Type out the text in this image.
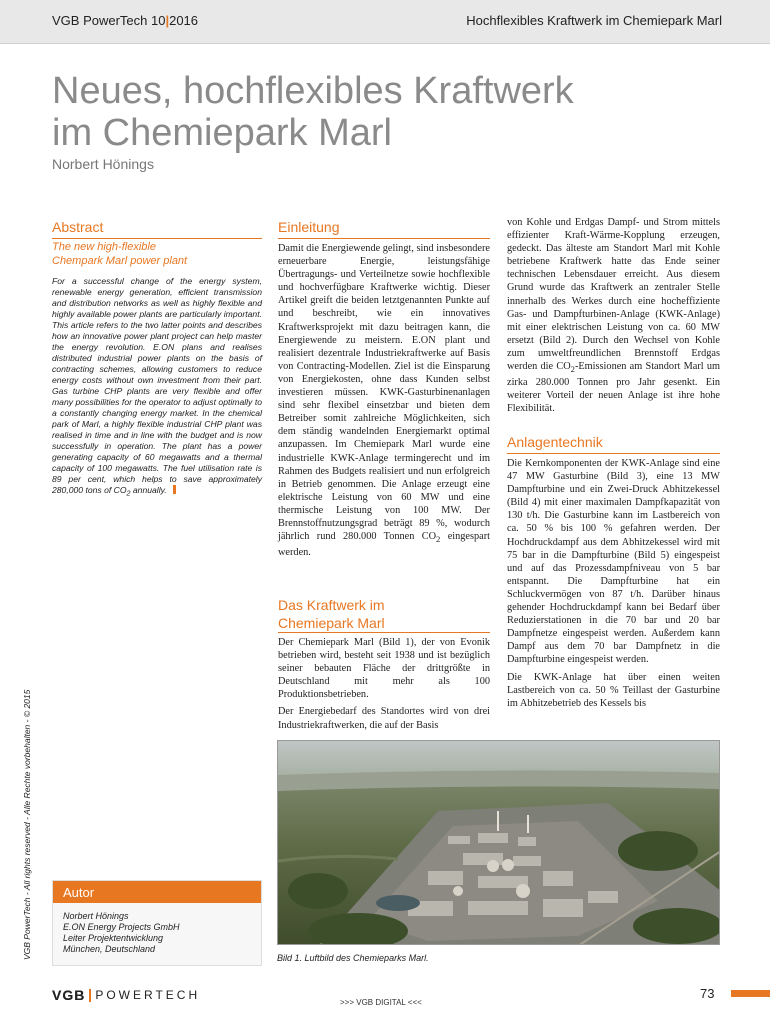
VGB PowerTech 10|2016	Hochflexibles Kraftwerk im Chemiepark Marl
Neues, hochflexibles Kraftwerk
im Chemiepark Marl
Norbert Hönings
Abstract
The new high-flexible
Chempark Marl power plant
For a successful change of the energy system, renewable energy generation, efficient transmission and distribution networks as well as highly flexible and highly available power plants are particularly important. This article refers to the two latter points and describes how an innovative power plant project can help master the energy revolution. E.ON plans and realises distributed industrial power plants on the basis of contracting schemes, allowing customers to reduce energy costs without own investment from their part. Gas turbine CHP plants are very flexible and offer many possibilities for the operator to adjust optimally to a constantly changing energy market. In the chemical park of Marl, a highly flexible industrial CHP plant was realised in time and in line with the budget and is now successfully in operation. The plant has a power generating capacity of 60 megawatts and a thermal capacity of 100 megawatts. The fuel utilisation rate is 89 per cent, which helps to save approximately 280,000 tons of $CO_2$ annually.
VGB PowerTech - All rights reserved - Alle Rechte vorbehalten - © 2015	Autor
Norbert Hönings
E.ON Energy Projects GmbH
Leiter Projektentwicklung
München, Deutschland
Einleitung

Damit die Energiewende gelingt, sind insbesondere erneuerbare Energie, leistungsfähige Übertragungs- und Verteilnetze sowie hochflexible und hochverfügbare Kraftwerke wichtig. Dieser Artikel greift die beiden letztgenannten Punkte auf und beschreibt, wie ein innovatives Kraftwerksprojekt mit dazu beitragen kann, die Energiewende zu meistern. E.ON plant und realisiert dezentrale Industriekraftwerke auf Basis von Contracting-Modellen. Ziel ist die Einsparung von Energiekosten, ohne dass Kunden selbst investieren müssen. KWK-Gasturbinenanlagen sind sehr flexibel einsetzbar und bieten dem Betreiber somit zahlreiche Möglichkeiten, sich dem ständig wandelnden Energiemarkt optimal anzupassen. Im Chemiepark Marl wurde eine industrielle KWK-Anlage termingerecht und im Rahmen des Budgets realisiert und nun erfolgreich in Betrieb genommen. Die Anlage erzeugt eine elektrische Leistung von 60 MW und eine thermische Leistung von 100 MW. Der Brennstoffnutzungsgrad beträgt 89 %, wodurch jährlich rund 280.000 Tonnen $CO_2$ eingespart werden.

Das Kraftwerk im
Chemiepark Marl

Der Chemiepark Marl (Bild 1), der von Evonik betrieben wird, besteht seit 1938 und ist bezüglich seiner bebauten Fläche der drittgrößte in Deutschland mit mehr als 100 Produktionsbetrieben.

Der Energiebedarf des Standortes wird von drei Industriekraftwerken, die auf der Basis

von Kohle und Erdgas Dampf- und Strom mittels effizienter Kraft-Wärme-Kopplung erzeugen, gedeckt. Das älteste am Standort Marl mit Kohle betriebene Kraftwerk hatte das Ende seiner technischen Lebensdauer erreicht. Aus diesem Grund wurde das Kraftwerk an zentraler Stelle innerhalb des Werkes durch eine hocheffiziente Gas- und Dampfturbinen-Anlage (KWK-Anlage) mit einer elektrischen Leistung von ca. 60 MW ersetzt (Bild 2). Durch den Wechsel von Kohle zum umweltfreundlichen Brennstoff Erdgas werden die $CO_2$-Emissionen am Standort Marl um zirka 280.000 Tonnen pro Jahr gesenkt. Ein weiterer Vorteil der neuen Anlage ist ihre hohe Flexibilität.

Anlagentechnik

Die Kernkomponenten der KWK-Anlage sind eine 47 MW Gasturbine (Bild 3), eine 13 MW Dampfturbine und ein Zwei-Druck Abhitzekessel (Bild 4) mit einer maximalen Dampfkapazität von 130 t/h. Die Gasturbine kann im Lastbereich von ca. 50 % bis 100 % gefahren werden. Der Hochdruckdampf aus dem Abhitzekessel wird mit 75 bar in die Dampfturbine (Bild 5) eingespeist und auf das Prozessdampfniveau von 5 bar entspannt. Die Dampfturbine hat ein Schluckvermögen von 87 t/h. Darüber hinaus gehender Hochdruckdampf kann bei Bedarf über Reduzierstationen in die 70 bar und 20 bar Dampfnetze eingespeist werden. Außerdem kann Dampf aus dem 70 bar Dampfnetz in die Dampfturbine eingespeist werden.

Die KWK-Anlage hat über einen weiten Lastbereich von ca. 50 % Teillast der Gasturbine im Abhitzebetrieb des Kessels bis

Bild 1. Luftbild des Chemieparks Marl.
VGB POWERTECH
>>> VGB DIGITAL <<<
73
